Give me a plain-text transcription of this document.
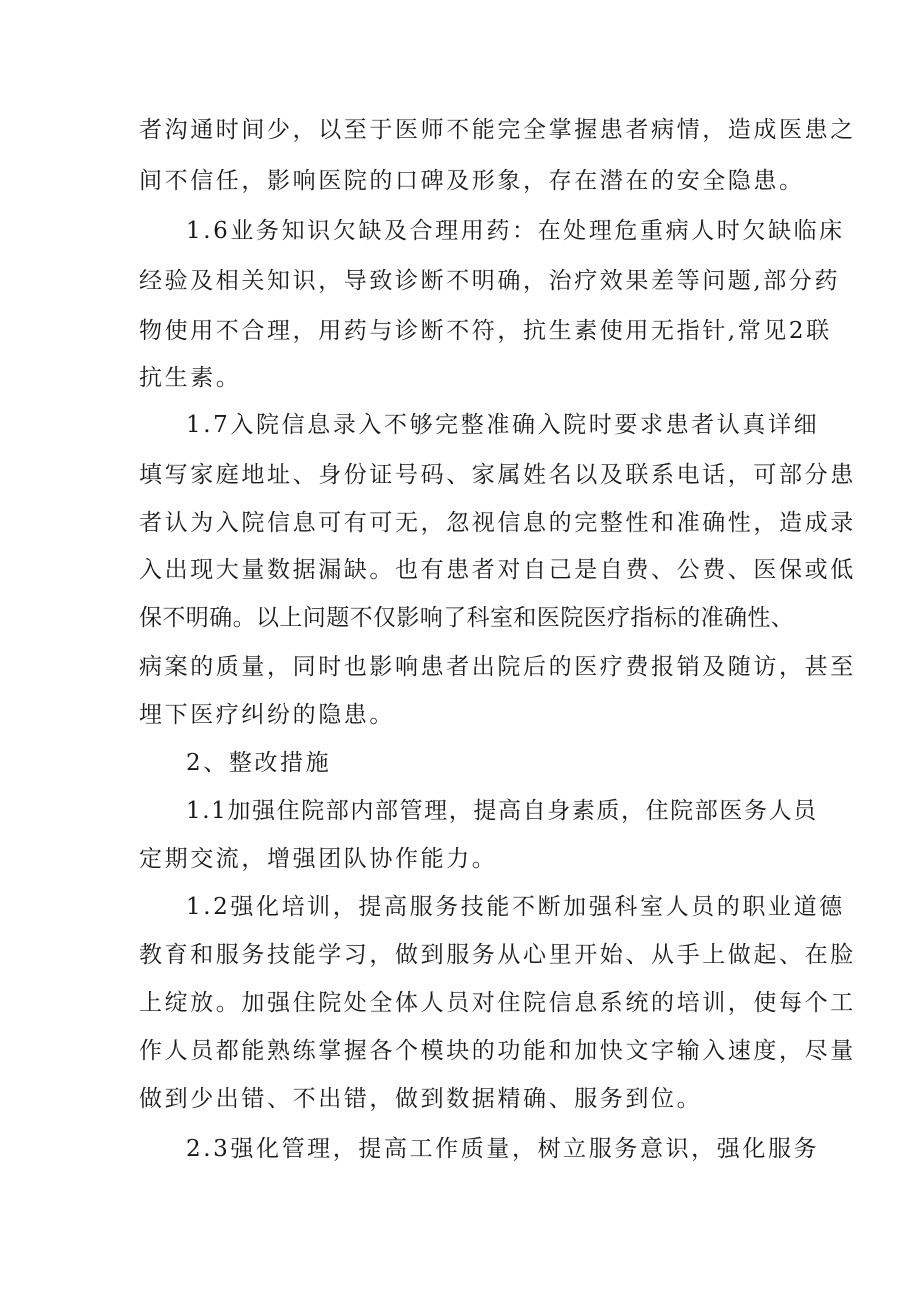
者沟通时间少，以至于医师不能完全掌握患者病情，造成医患之
间不信任，影响医院的口碑及形象，存在潜在的安全隐患。
1.6业务知识欠缺及合理用药：在处理危重病人时欠缺临床
经验及相关知识，导致诊断不明确，治疗效果差等问题,部分药
物使用不合理，用药与诊断不符，抗生素使用无指针,常见2联
抗生素。
1.7入院信息录入不够完整准确入院时要求患者认真详细
填写家庭地址、身份证号码、家属姓名以及联系电话，可部分患
者认为入院信息可有可无，忽视信息的完整性和准确性，造成录
入出现大量数据漏缺。也有患者对自己是自费、公费、医保或低
保不明确。以上问题不仅影响了科室和医院医疗指标的准确性、
病案的质量，同时也影响患者出院后的医疗费报销及随访，甚至
埋下医疗纠纷的隐患。
2、整改措施
1.1加强住院部内部管理，提高自身素质，住院部医务人员
定期交流，增强团队协作能力。
1.2强化培训，提高服务技能不断加强科室人员的职业道德
教育和服务技能学习，做到服务从心里开始、从手上做起、在脸
上绽放。加强住院处全体人员对住院信息系统的培训，使每个工
作人员都能熟练掌握各个模块的功能和加快文字输入速度，尽量
做到少出错、不出错，做到数据精确、服务到位。
2.3强化管理，提高工作质量，树立服务意识，强化服务
